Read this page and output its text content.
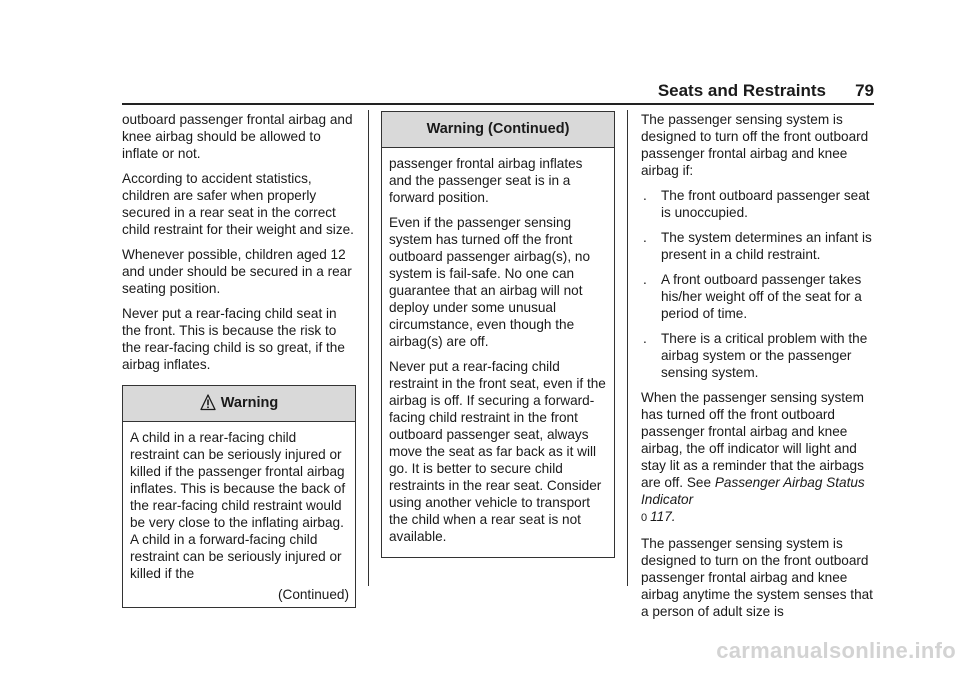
Seats and Restraints 79

outboard passenger frontal airbag and knee airbag should be allowed to inflate or not.

According to accident statistics, children are safer when properly secured in a rear seat in the correct child restraint for their weight and size.

Whenever possible, children aged 12 and under should be secured in a rear seating position.

Never put a rear-facing child seat in the front. This is because the risk to the rear-facing child is so great, if the airbag inflates.

Warning

A child in a rear-facing child restraint can be seriously injured or killed if the passenger frontal airbag inflates. This is because the back of the rear-facing child restraint would be very close to the inflating airbag. A child in a forward-facing child restraint can be seriously injured or killed if the

(Continued)
Warning (Continued)

passenger frontal airbag inflates and the passenger seat is in a forward position.

Even if the passenger sensing system has turned off the front outboard passenger airbag(s), no system is fail-safe. No one can guarantee that an airbag will not deploy under some unusual circumstance, even though the airbag(s) are off.

Never put a rear-facing child restraint in the front seat, even if the airbag is off. If securing a forward-facing child restraint in the front outboard passenger seat, always move the seat as far back as it will go. It is better to secure child restraints in the rear seat. Consider using another vehicle to transport the child when a rear seat is not available.

The passenger sensing system is designed to turn off the front outboard passenger frontal airbag and knee airbag if:

. The front outboard passenger seat is unoccupied.
. The system determines an infant is present in a child restraint.
. A front outboard passenger takes his/her weight off of the seat for a period of time.
. There is a critical problem with the airbag system or the passenger sensing system.

When the passenger sensing system has turned off the front outboard passenger frontal airbag and knee airbag, the off indicator will light and stay lit as a reminder that the airbags are off. See Passenger Airbag Status Indicator
0 117.

The passenger sensing system is designed to turn on the front outboard passenger frontal airbag and knee airbag anytime the system senses that a person of adult size is

carmanualsonline.info
